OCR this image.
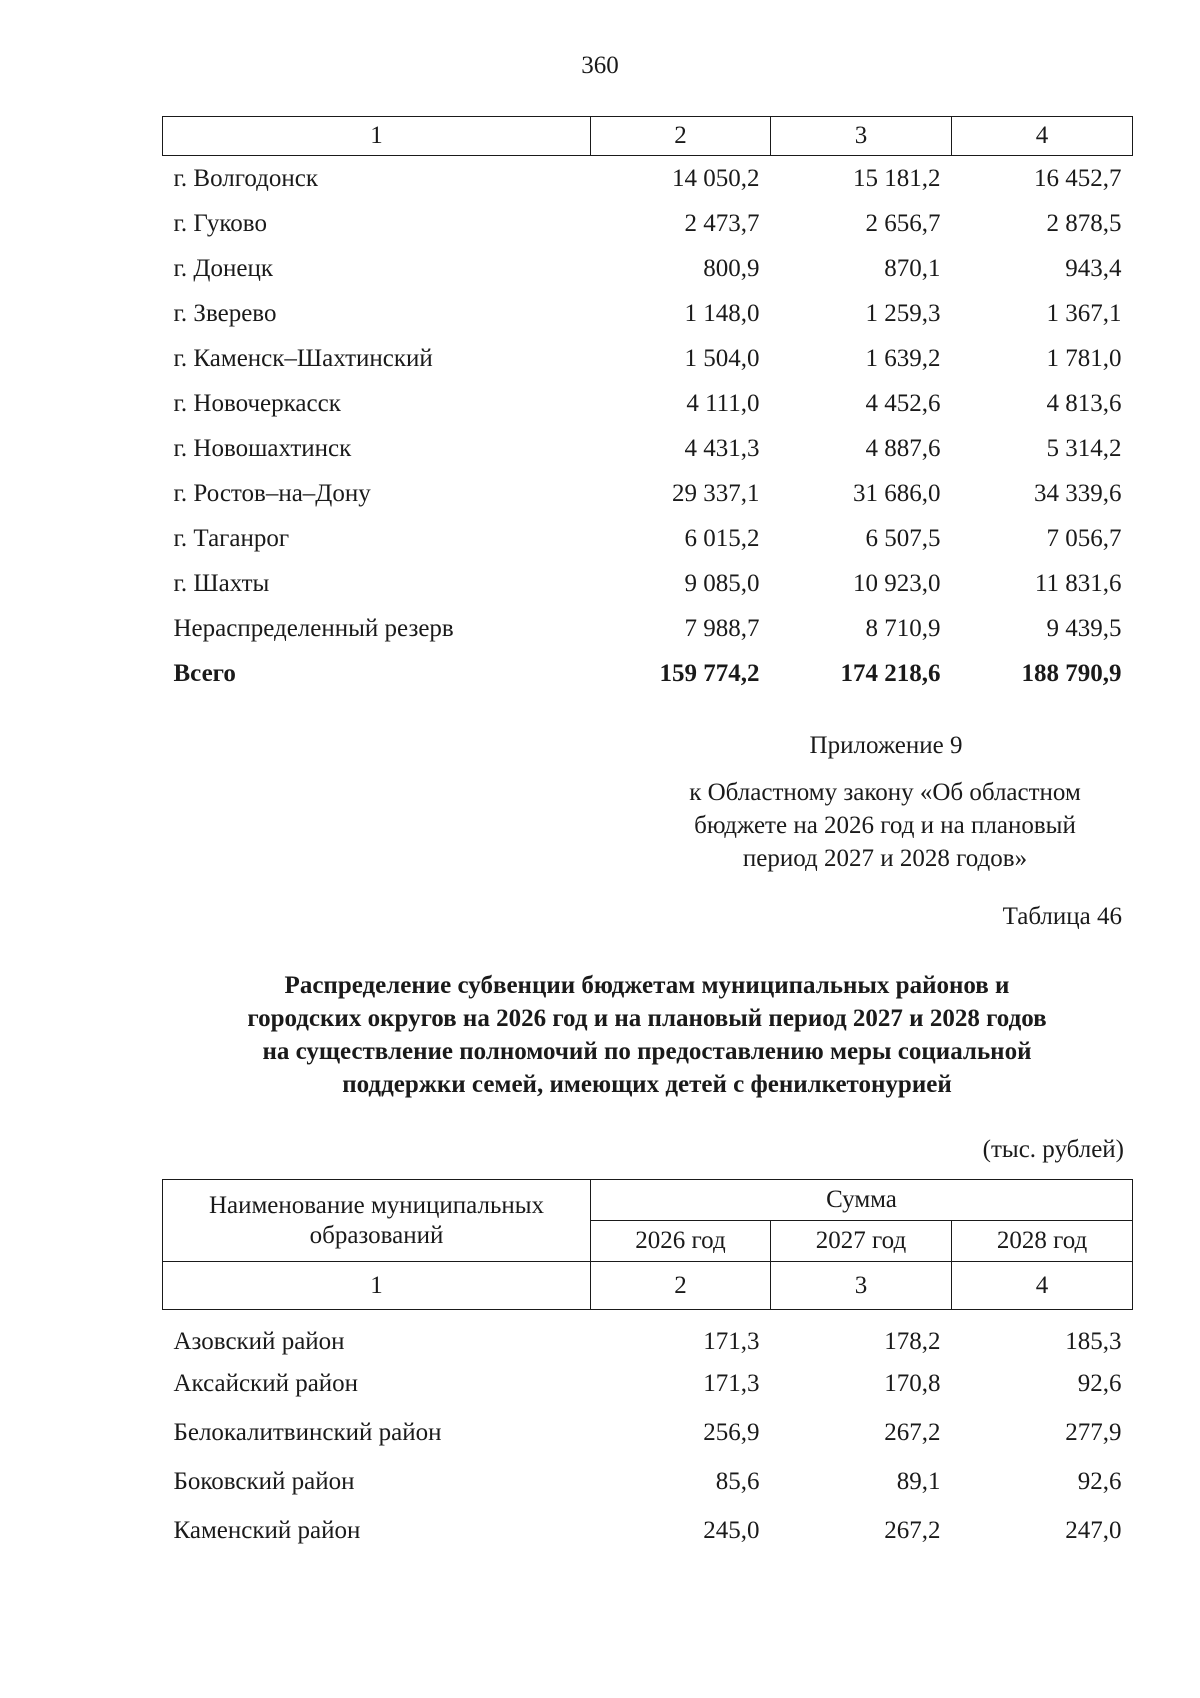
360
1	2	3	4
г. Волгодонск	14 050,2	15 181,2	16 452,7
г. Гуково	2 473,7	2 656,7	2 878,5
г. Донецк	800,9	870,1	943,4
г. Зверево	1 148,0	1 259,3	1 367,1
г. Каменск–Шахтинский	1 504,0	1 639,2	1 781,0
г. Новочеркасск	4 111,0	4 452,6	4 813,6
г. Новошахтинск	4 431,3	4 887,6	5 314,2
г. Ростов–на–Дону	29 337,1	31 686,0	34 339,6
г. Таганрог	6 015,2	6 507,5	7 056,7
г. Шахты	9 085,0	10 923,0	11 831,6
Нераспределенный резерв	7 988,7	8 710,9	9 439,5
Всего	159 774,2	174 218,6	188 790,9
Приложение 9
к Областному закону «Об областном
бюджете на 2026 год и на плановый
период 2027 и 2028 годов»
Таблица 46
Распределение субвенции бюджетам муниципальных районов и
городских округов на 2026 год и на плановый период 2027 и 2028 годов
на существление полномочий по предоставлению меры социальной
поддержки семей, имеющих детей с фенилкетонурией
(тыс. рублей)
Наименование муниципальных образований	Сумма		
	2026 год	2027 год	2028 год
1	2	3	4
Азовский район	171,3	178,2	185,3
Аксайский район	171,3	170,8	92,6
Белокалитвинский район	256,9	267,2	277,9
Боковский район	85,6	89,1	92,6
Каменский район	245,0	267,2	247,0
